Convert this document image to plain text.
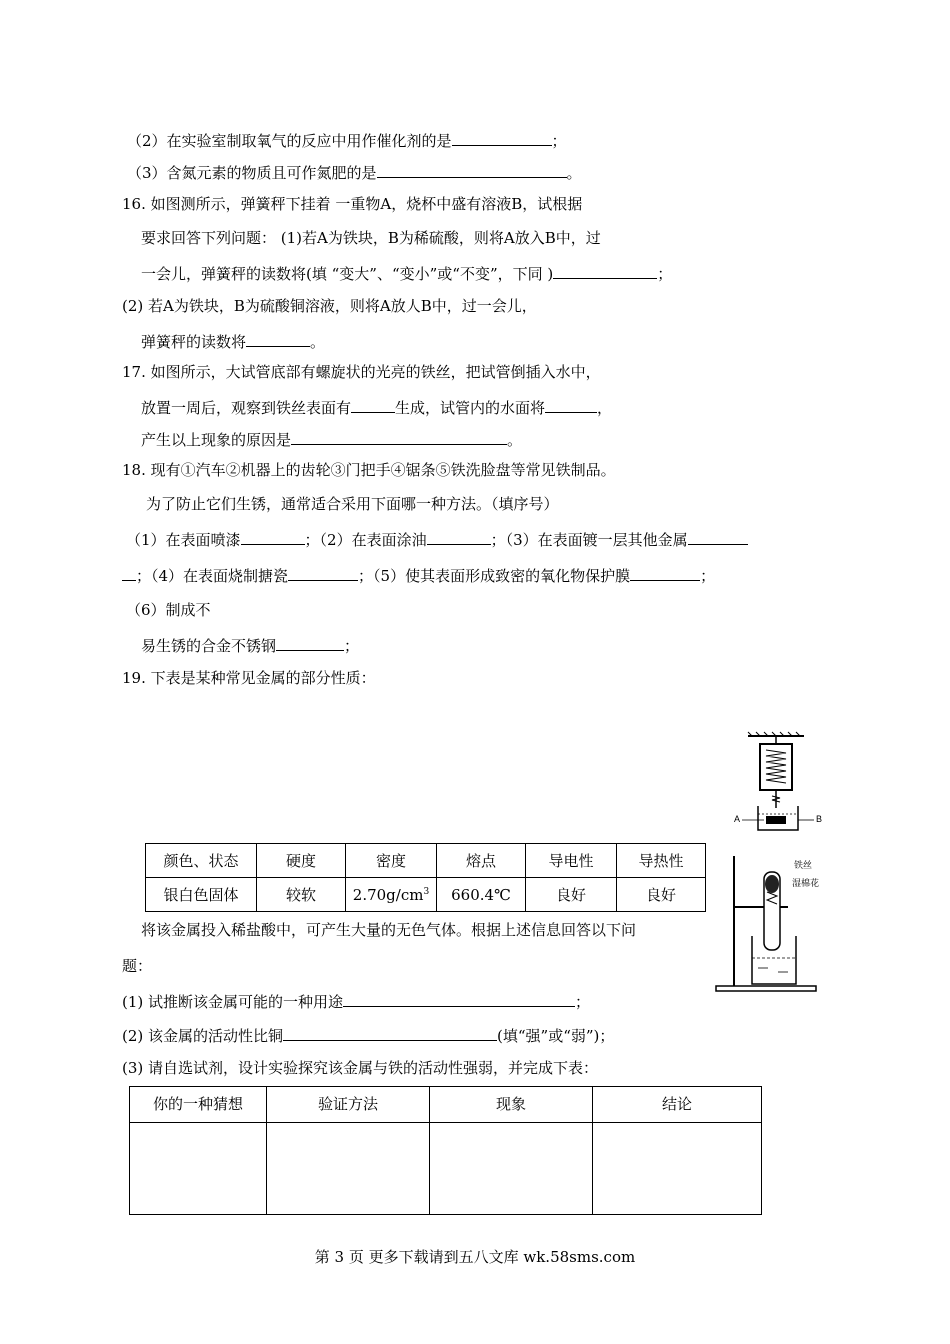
（2）在实验室制取氧气的反应中用作催化剂的是	；
（3）含氮元素的物质且可作氮肥的是	。
16. 如图测所示，弹簧秤下挂着 一重物A，烧杯中盛有溶液B，试根据
要求回答下列问题： (1)若A为铁块，B为稀硫酸，则将A放入B中，过
一会儿，弹簧秤的读数将(填 “变大”、“变小”或“不变”，下同 )	；
(2) 若A为铁块，B为硫酸铜溶液，则将A放人B中，过一会儿，
弹簧秤的读数将	。
17. 如图所示，大试管底部有螺旋状的光亮的铁丝，把试管倒插入水中，
放置一周后，观察到铁丝表面有	生成，试管内的水面将	，
产生以上现象的原因是	。
18. 现有①汽车②机器上的齿轮③门把手④锯条⑤铁洗脸盘等常见铁制品。
为了防止它们生锈，通常适合采用下面哪一种方法。（填序号）
（1）在表面喷漆	；（2）在表面涂油	；（3）在表面镀一层其他金属
；（4）在表面烧制搪瓷	；（5）使其表面形成致密的氧化物保护膜	；
（6）制成不
易生锈的合金不锈钢	；
19. 下表是某种常见金属的部分性质：
A	B
铁丝
湿棉花
颜色、状态	硬度	密度	熔点	导电性	导热性	
银白色固体	较软	$2.70g/cm^3$	660.4℃	良好	良好	
将该金属投入稀盐酸中，可产生大量的无色气体。根据上述信息回答以下问
题：
(1) 试推断该金属可能的一种用途	；
(2) 该金属的活动性比铜	(填“强”或“弱”)；
(3) 请自选试剂，设计实验探究该金属与铁的活动性强弱，并完成下表：
你的一种猜想	验证方法	现象	结论

第 3 页 更多下载请到五八文库 wk.58sms.com
